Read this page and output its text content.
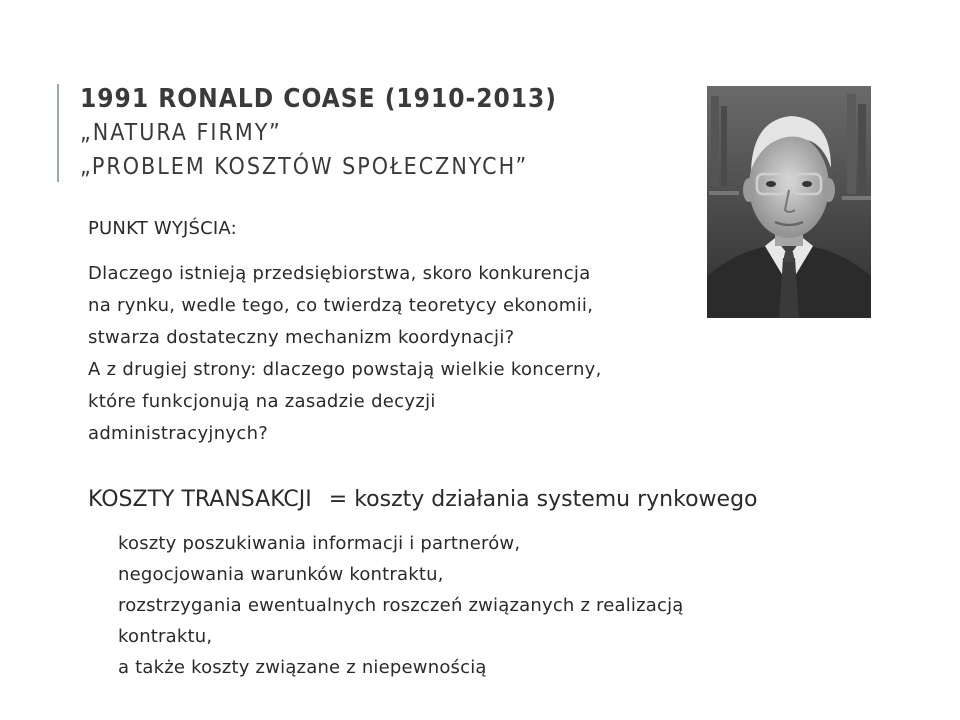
1991 RONALD COASE (1910-2013)
„NATURA FIRMY”
„PROBLEM KOSZTÓW SPOŁECZNYCH”

PUNKT WYJŚCIA:

Dlaczego istnieją przedsiębiorstwa, skoro konkurencja
na rynku, wedle tego, co twierdzą teoretycy ekonomii,
stwarza dostateczny mechanizm koordynacji?
A z drugiej strony: dlaczego powstają wielkie koncerny,
które funkcjonują na zasadzie decyzji
administracyjnych?

KOSZTY TRANSAKCJI = koszty działania systemu rynkowego
koszty poszukiwania informacji i partnerów,
negocjowania warunków kontraktu,
rozstrzygania ewentualnych roszczeń związanych z realizacją
kontraktu,
a także koszty związane z niepewnością
